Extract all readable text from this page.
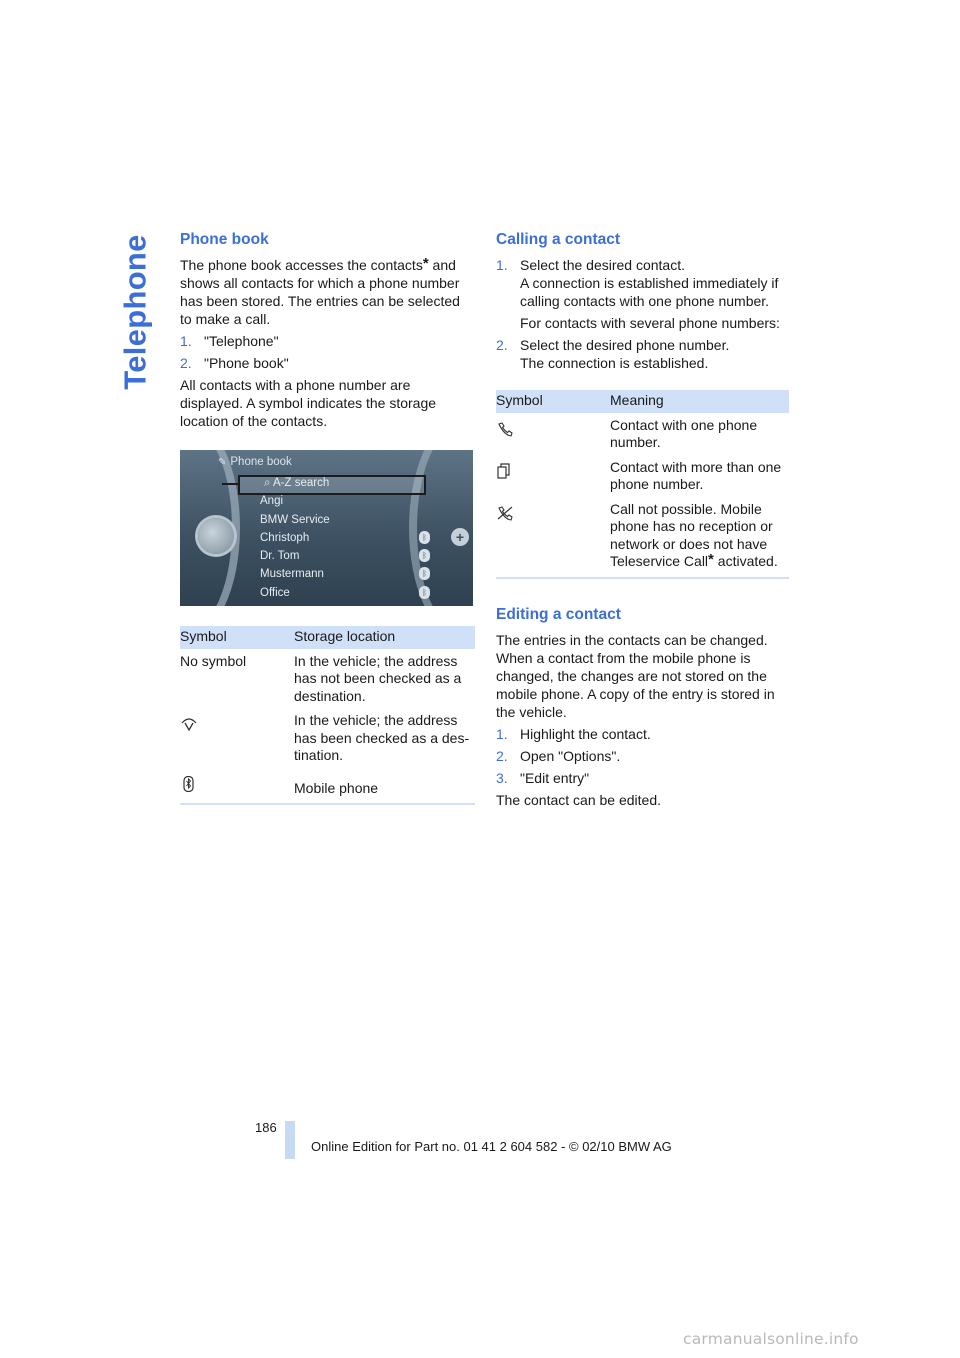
Telephone Phone book

The phone book accesses the contacts* and shows all contacts for which a phone number has been stored. The entries can be selected to make a call.

1. "Telephone"
2. "Phone book"

All contacts with a phone number are displayed. A symbol indicates the storage location of the contacts.

+
✎ Phone book
⌕ A-Z search
Angi
BMW Service
Christoph	ᛒ
Dr. Tom	ᛒ
Mustermann	ᛒ
Office	ᛒ
Symbol	Storage location
No symbol	In the vehicle; the address has not been checked as a destination.

	In the vehicle; the address has been checked as a des-tination.

	Mobile phone
Calling a contact
1. Select the desired contact.
A connection is established immediately if calling contacts with one phone number.
For contacts with several phone numbers:
2. Select the desired phone number.
The connection is established.
Symbol	Meaning

	Contact with one phone number.

	Contact with more than one phone number.

	Call not possible. Mobile phone has no reception or network or does not have Teleservice Call* activated.
Editing a contact

The entries in the contacts can be changed. When a contact from the mobile phone is changed, the changes are not stored on the mobile phone. A copy of the entry is stored in the vehicle.

1. Highlight the contact.
2. Open "Options".
3. "Edit entry"

The contact can be edited.

186
Online Edition for Part no. 01 41 2 604 582 - © 02/10 BMW AG
carmanualsonline.info
